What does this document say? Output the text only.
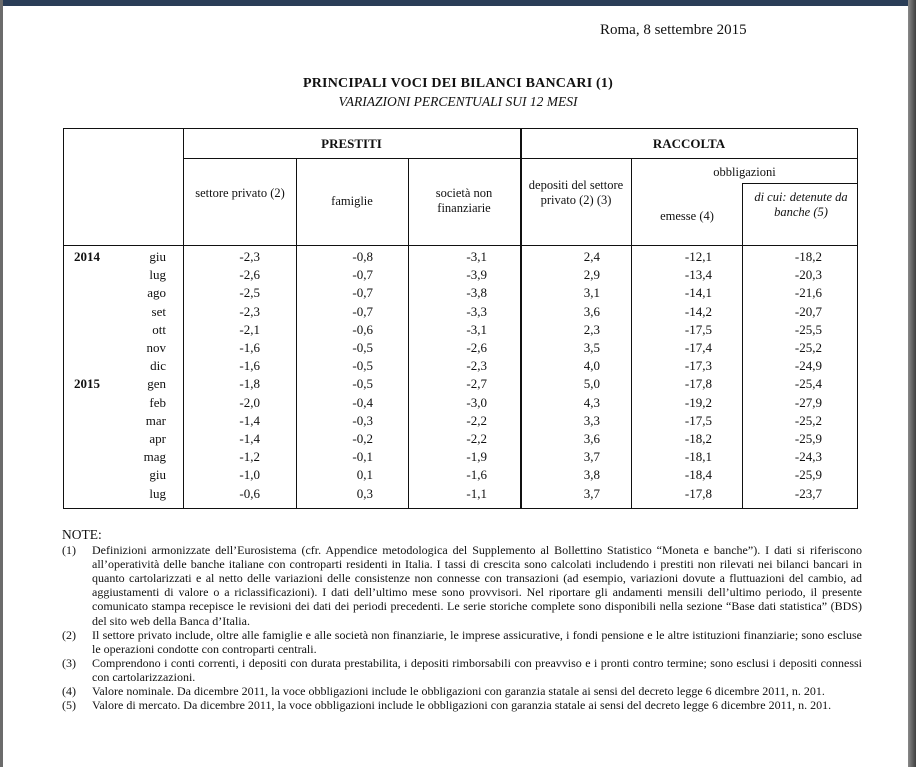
Roma, 8 settembre 2015
PRINCIPALI VOCI DEI BILANCI BANCARI (1)
VARIAZIONI PERCENTUALI SUI 12 MESI
PRESTITI	RACCOLTA
settore privato (2)
famiglie
società non finanziarie
depositi del settore privato (2) (3)
obbligazioni
emesse (4)
di cui: detenute da banche (5)
2014	giu	-2,3	-0,8	-3,1	2,4	-12,1	-18,2
lug	-2,6	-0,7	-3,9	2,9	-13,4	-20,3
ago	-2,5	-0,7	-3,8	3,1	-14,1	-21,6
set	-2,3	-0,7	-3,3	3,6	-14,2	-20,7
ott	-2,1	-0,6	-3,1	2,3	-17,5	-25,5
nov	-1,6	-0,5	-2,6	3,5	-17,4	-25,2
dic	-1,6	-0,5	-2,3	4,0	-17,3	-24,9
2015	gen	-1,8	-0,5	-2,7	5,0	-17,8	-25,4
feb	-2,0	-0,4	-3,0	4,3	-19,2	-27,9
mar	-1,4	-0,3	-2,2	3,3	-17,5	-25,2
apr	-1,4	-0,2	-2,2	3,6	-18,2	-25,9
mag	-1,2	-0,1	-1,9	3,7	-18,1	-24,3
giu	-1,0	0,1	-1,6	3,8	-18,4	-25,9
lug	-0,6	0,3	-1,1	3,7	-17,8	-23,7
NOTE:
(1)	Definizioni armonizzate dell’Eurosistema (cfr. Appendice metodologica del Supplemento al Bollettino Statistico “Moneta e banche”). I dati si riferiscono all’operatività delle banche italiane con controparti residenti in Italia. I tassi di crescita sono calcolati includendo i prestiti non rilevati nei bilanci bancari in quanto cartolarizzati e al netto delle variazioni delle consistenze non connesse con transazioni (ad esempio, variazioni dovute a fluttuazioni del cambio, ad aggiustamenti di valore o a riclassificazioni). I dati dell’ultimo mese sono provvisori. Nel riportare gli andamenti mensili dell’ultimo periodo, il presente comunicato stampa recepisce le revisioni dei dati dei periodi precedenti. Le serie storiche complete sono disponibili nella sezione “Base dati statistica” (BDS) del sito web della Banca d’Italia.
(2)	Il settore privato include, oltre alle famiglie e alle società non finanziarie, le imprese assicurative, i fondi pensione e le altre istituzioni finanziarie; sono escluse le operazioni condotte con controparti centrali.
(3)	Comprendono i conti correnti, i depositi con durata prestabilita, i depositi rimborsabili con preavviso e i pronti contro termine; sono esclusi i depositi connessi con cartolarizzazioni.
(4)	Valore nominale. Da dicembre 2011, la voce obbligazioni include le obbligazioni con garanzia statale ai sensi del decreto legge 6 dicembre 2011, n. 201.
(5)	Valore di mercato. Da dicembre 2011, la voce obbligazioni include le obbligazioni con garanzia statale ai sensi del decreto legge 6 dicembre 2011, n. 201.
